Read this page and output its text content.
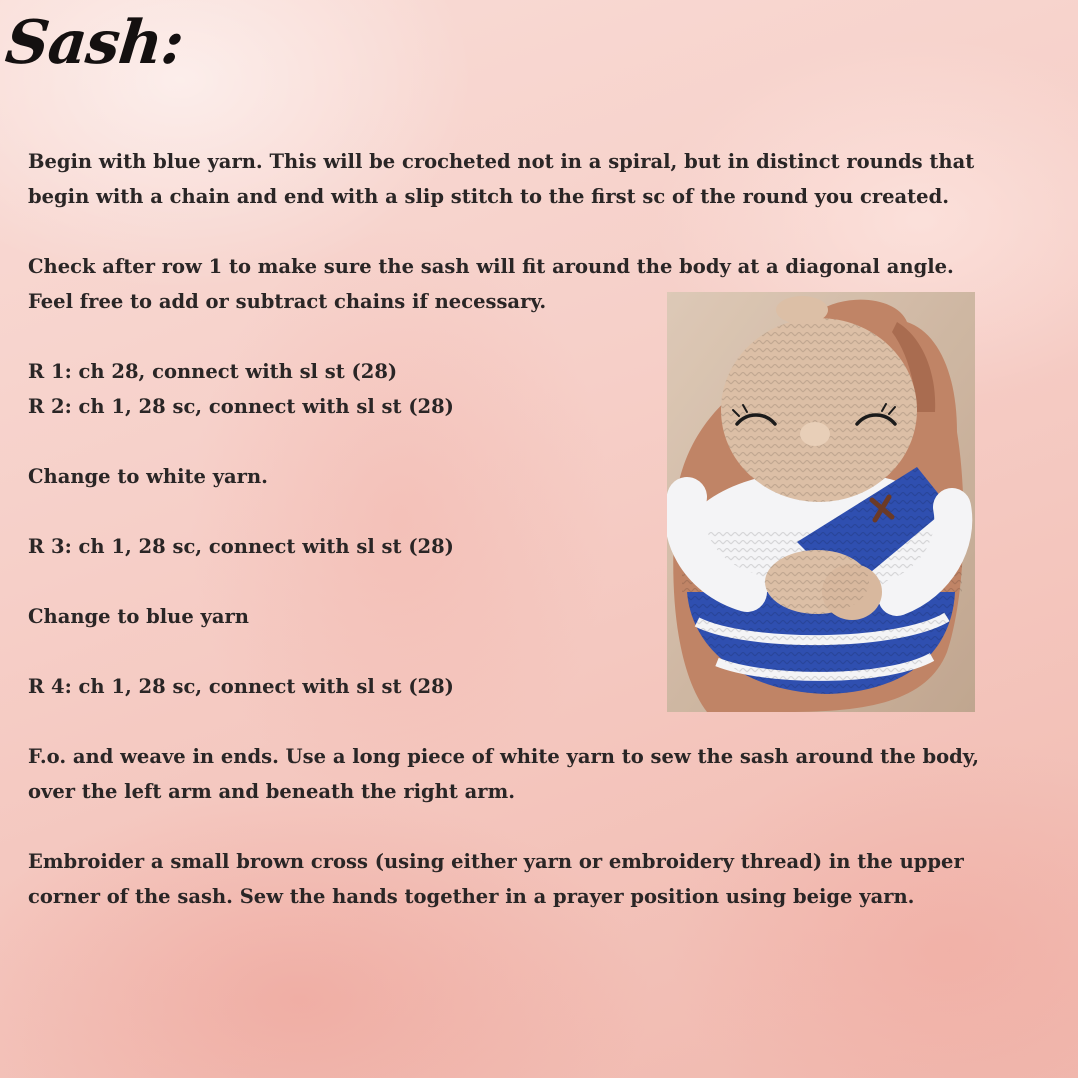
Sash:

Begin with blue yarn. This will be crocheted not in a spiral, but in distinct rounds that
begin with a chain and end with a slip stitch to the first sc of the round you created.

Check after row 1 to make sure the sash will fit around the body at a diagonal angle.
Feel free to add or subtract chains if necessary.

R 1: ch 28, connect with sl st (28)
R 2: ch 1, 28 sc, connect with sl st (28)

Change to white yarn.

R 3: ch 1, 28 sc, connect with sl st (28)

Change to blue yarn

R 4: ch 1, 28 sc, connect with sl st (28)

F.o. and weave in ends. Use a long piece of white yarn to sew the sash around the body,
over the left arm and beneath the right arm.

Embroider a small brown cross (using either yarn or embroidery thread) in the upper
corner of the sash. Sew the hands together in a prayer position using beige yarn.
